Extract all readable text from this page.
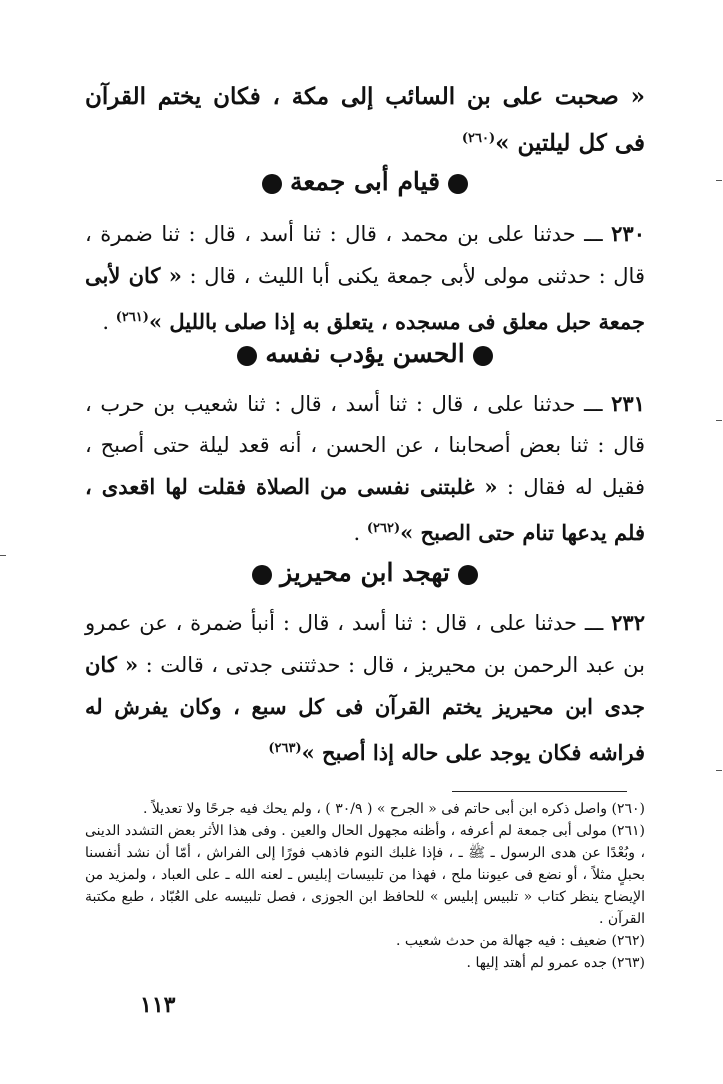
« صحبت على بن السائب إلى مكة ، فكان يختم القرآن فى كل ليلتين »$^{(٢٦٠)}$
قيام أبى جمعة
٢٣٠ ـــ حدثنا على بن محمد ، قال : ثنا أسد ، قال : ثنا ضمرة ، قال : حدثنى مولى لأبى جمعة يكنى أبا الليث ، قال : « كان لأبى جمعة حبل معلق فى مسجده ، يتعلق به إذا صلى بالليل »$^{(٢٦١)}$ .
الحسن يؤدب نفسه
٢٣١ ـــ حدثنا على ، قال : ثنا أسد ، قال : ثنا شعيب بن حرب ، قال : ثنا بعض أصحابنا ، عن الحسن ، أنه قعد ليلة حتى أصبح ، فقيل له فقال : « غلبتنى نفسى من الصلاة فقلت لها اقعدى ، فلم يدعها تنام حتى الصبح »$^{(٢٦٢)}$ .
تهجد ابن محيريز
٢٣٢ ـــ حدثنا على ، قال : ثنا أسد ، قال : أنبأ ضمرة ، عن عمرو بن عبد الرحمن بن محيريز ، قال : حدثتنى جدتى ، قالت : « كان جدى ابن محيريز يختم القرآن فى كل سبع ، وكان يفرش له فراشه فكان يوجد على حاله إذا أصبح »$^{(٢٦٣)}$
(٢٦٠) واصل ذكره ابن أبى حاتم فى « الجرح » ( ٣٠/٩ ) ، ولم يحك فيه جرحًا ولا تعديلاً .
(٢٦١) مولى أبى جمعة لم أعرفه ، وأظنه مجهول الحال والعين . وفى هذا الأثر بعض التشدد الدينى ، وبُعْدًا عن هدى الرسول ـ ﷺ ـ ، فإذا غلبك النوم فاذهب فورًا إلى الفراش ، أمّا أن نشد أنفسنا بحبلٍ مثلاً ، أو نضع فى عيوننا ملح ، فهذا من تلبيسات إبليس ـ لعنه الله ـ على العباد ، ولمزيد من الإيضاح ينظر كتاب « تلبيس إبليس » للحافظ ابن الجوزى ، فصل تلبيسه على العُبّاد ، طبع مكتبة القرآن .
(٢٦٢) ضعيف : فيه جهالة من حدث شعيب .
(٢٦٣) جده عمرو لم أهتد إليها .
١١٣
